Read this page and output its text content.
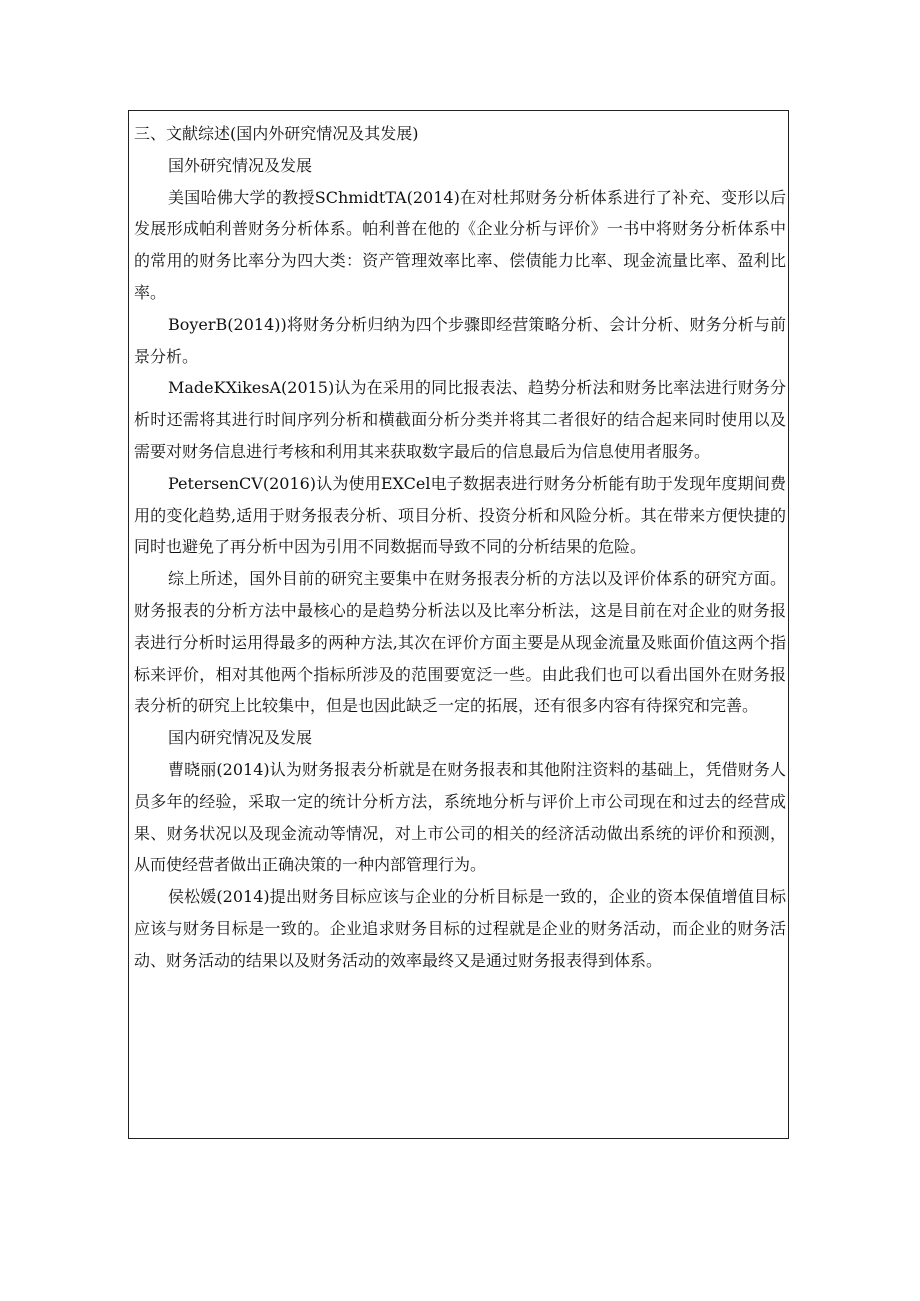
三、文献综述(国内外研究情况及其发展)

国外研究情况及发展

美国哈佛大学的教授SChmidtTA(2014)在对杜邦财务分析体系进行了补充、变形以后发展形成帕利普财务分析体系。帕利普在他的《企业分析与评价》一书中将财务分析体系中的常用的财务比率分为四大类：资产管理效率比率、偿债能力比率、现金流量比率、盈利比率。

BoyerB(2014))将财务分析归纳为四个步骤即经营策略分析、会计分析、财务分析与前景分析。

MadeKXikesA(2015)认为在采用的同比报表法、趋势分析法和财务比率法进行财务分析时还需将其进行时间序列分析和横截面分析分类并将其二者很好的结合起来同时使用以及需要对财务信息进行考核和利用其来获取数字最后的信息最后为信息使用者服务。

PetersenCV(2016)认为使用EXCel电子数据表进行财务分析能有助于发现年度期间费用的变化趋势,适用于财务报表分析、项目分析、投资分析和风险分析。其在带来方便快捷的同时也避免了再分析中因为引用不同数据而导致不同的分析结果的危险。

综上所述，国外目前的研究主要集中在财务报表分析的方法以及评价体系的研究方面。财务报表的分析方法中最核心的是趋势分析法以及比率分析法，这是目前在对企业的财务报表进行分析时运用得最多的两种方法,其次在评价方面主要是从现金流量及账面价值这两个指标来评价，相对其他两个指标所涉及的范围要宽泛一些。由此我们也可以看出国外在财务报表分析的研究上比较集中，但是也因此缺乏一定的拓展，还有很多内容有待探究和完善。

国内研究情况及发展

曹晓丽(2014)认为财务报表分析就是在财务报表和其他附注资料的基础上，凭借财务人员多年的经验，采取一定的统计分析方法，系统地分析与评价上市公司现在和过去的经营成果、财务状况以及现金流动等情况，对上市公司的相关的经济活动做出系统的评价和预测，从而使经营者做出正确决策的一种内部管理行为。

侯松媛(2014)提出财务目标应该与企业的分析目标是一致的，企业的资本保值增值目标应该与财务目标是一致的。企业追求财务目标的过程就是企业的财务活动，而企业的财务活动、财务活动的结果以及财务活动的效率最终又是通过财务报表得到体系。
